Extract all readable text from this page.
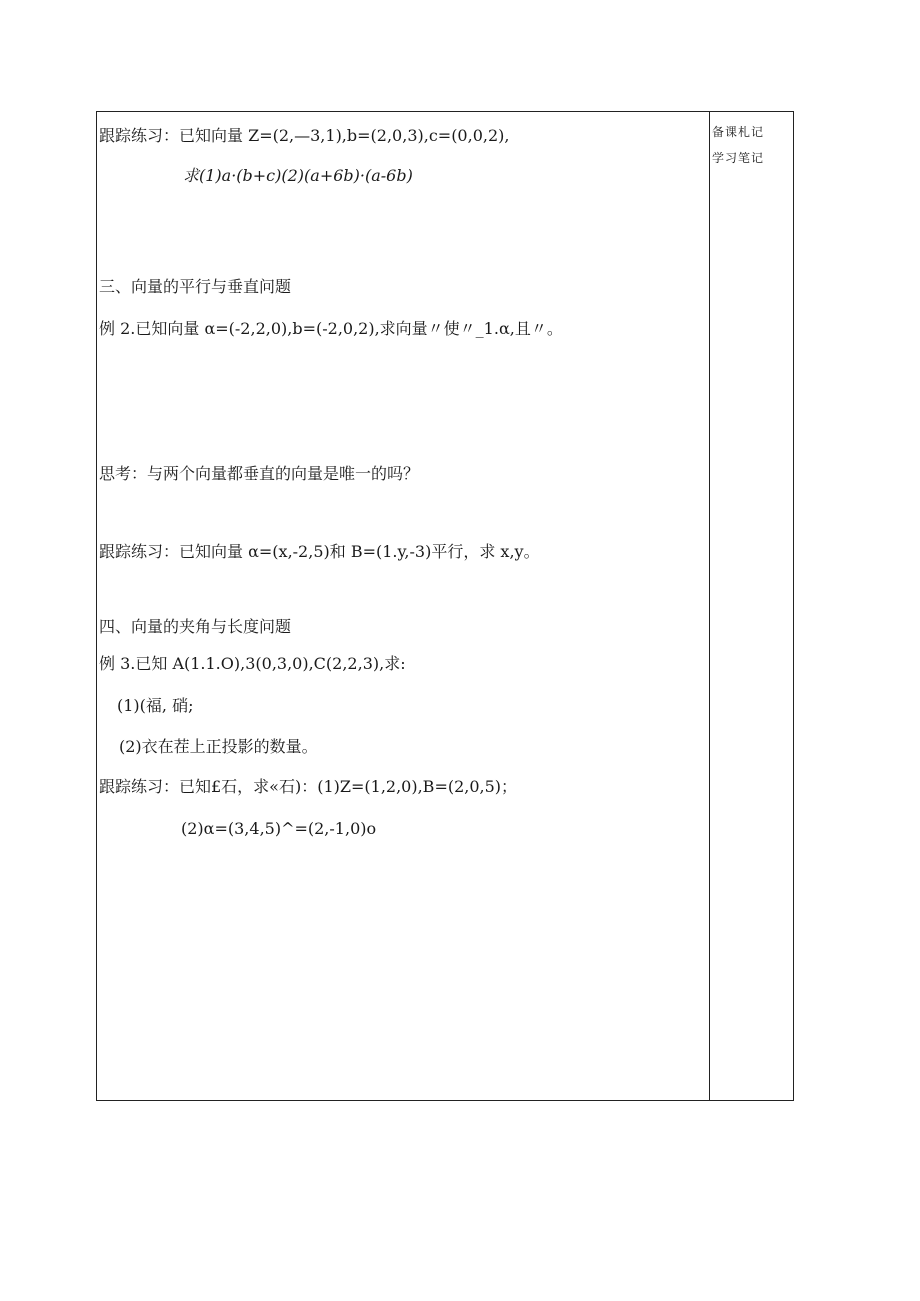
跟踪练习：已知向量 Z=(2,—3,1),b=(2,0,3),c=(0,0,2),
求(1)a·(b+c)(2)(a+6b)·(a-6b)
三、向量的平行与垂直问题
例 2.已知向量 α=(-2,2,0),b=(-2,0,2),求向量〃使〃_1.α,且〃。
思考：与两个向量都垂直的向量是唯一的吗？
跟踪练习：已知向量 α=(x,-2,5)和 B=(1.y,-3)平行，求 x,y。
四、向量的夹角与长度问题
例 3.已知 A(1.1.O),3(0,3,0),C(2,2,3),求:
(1)(福, 硝;
(2)衣在茬上正投影的数量。
跟踪练习：已知£石，求«石)：(1)Z=(1,2,0),B=(2,0,5)；
(2)α=(3,4,5)^=(2,-1,0)o
备课札记
学习笔记
